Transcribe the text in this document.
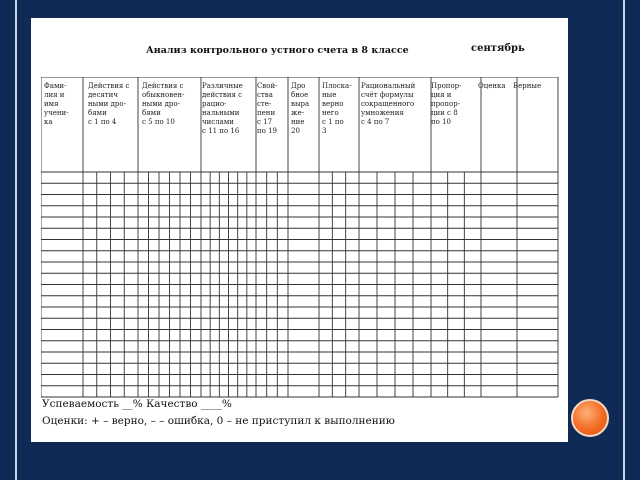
Анализ контрольного устного счета в 8 классе	сентябрь
Фами-
лия и
имя
учени-
ка
Действия с
десятич
ными дро-
бями
с 1 по 4
Действия с
обыкновен-
ными дро-
бями
с 5 по 10
Различные
действия с
рацио-
нальными
числами
с 11 по 16
Свой-
ства
сте-
пени
с 17
по 19
Дро
бное
выра
же-
ние
20
Плоска-
ные
верно
него
с 1 по
3
Рациональный
счёт формулы
сокращенного
умножения
с 4 по 7
Пропор-
ция и
пропор-
ции с 8
по 10
Оценка	Верные
Успеваемость __% Качество ____%
Оценки: + – верно, – – ошибка, 0 – не приступил к выполнению
